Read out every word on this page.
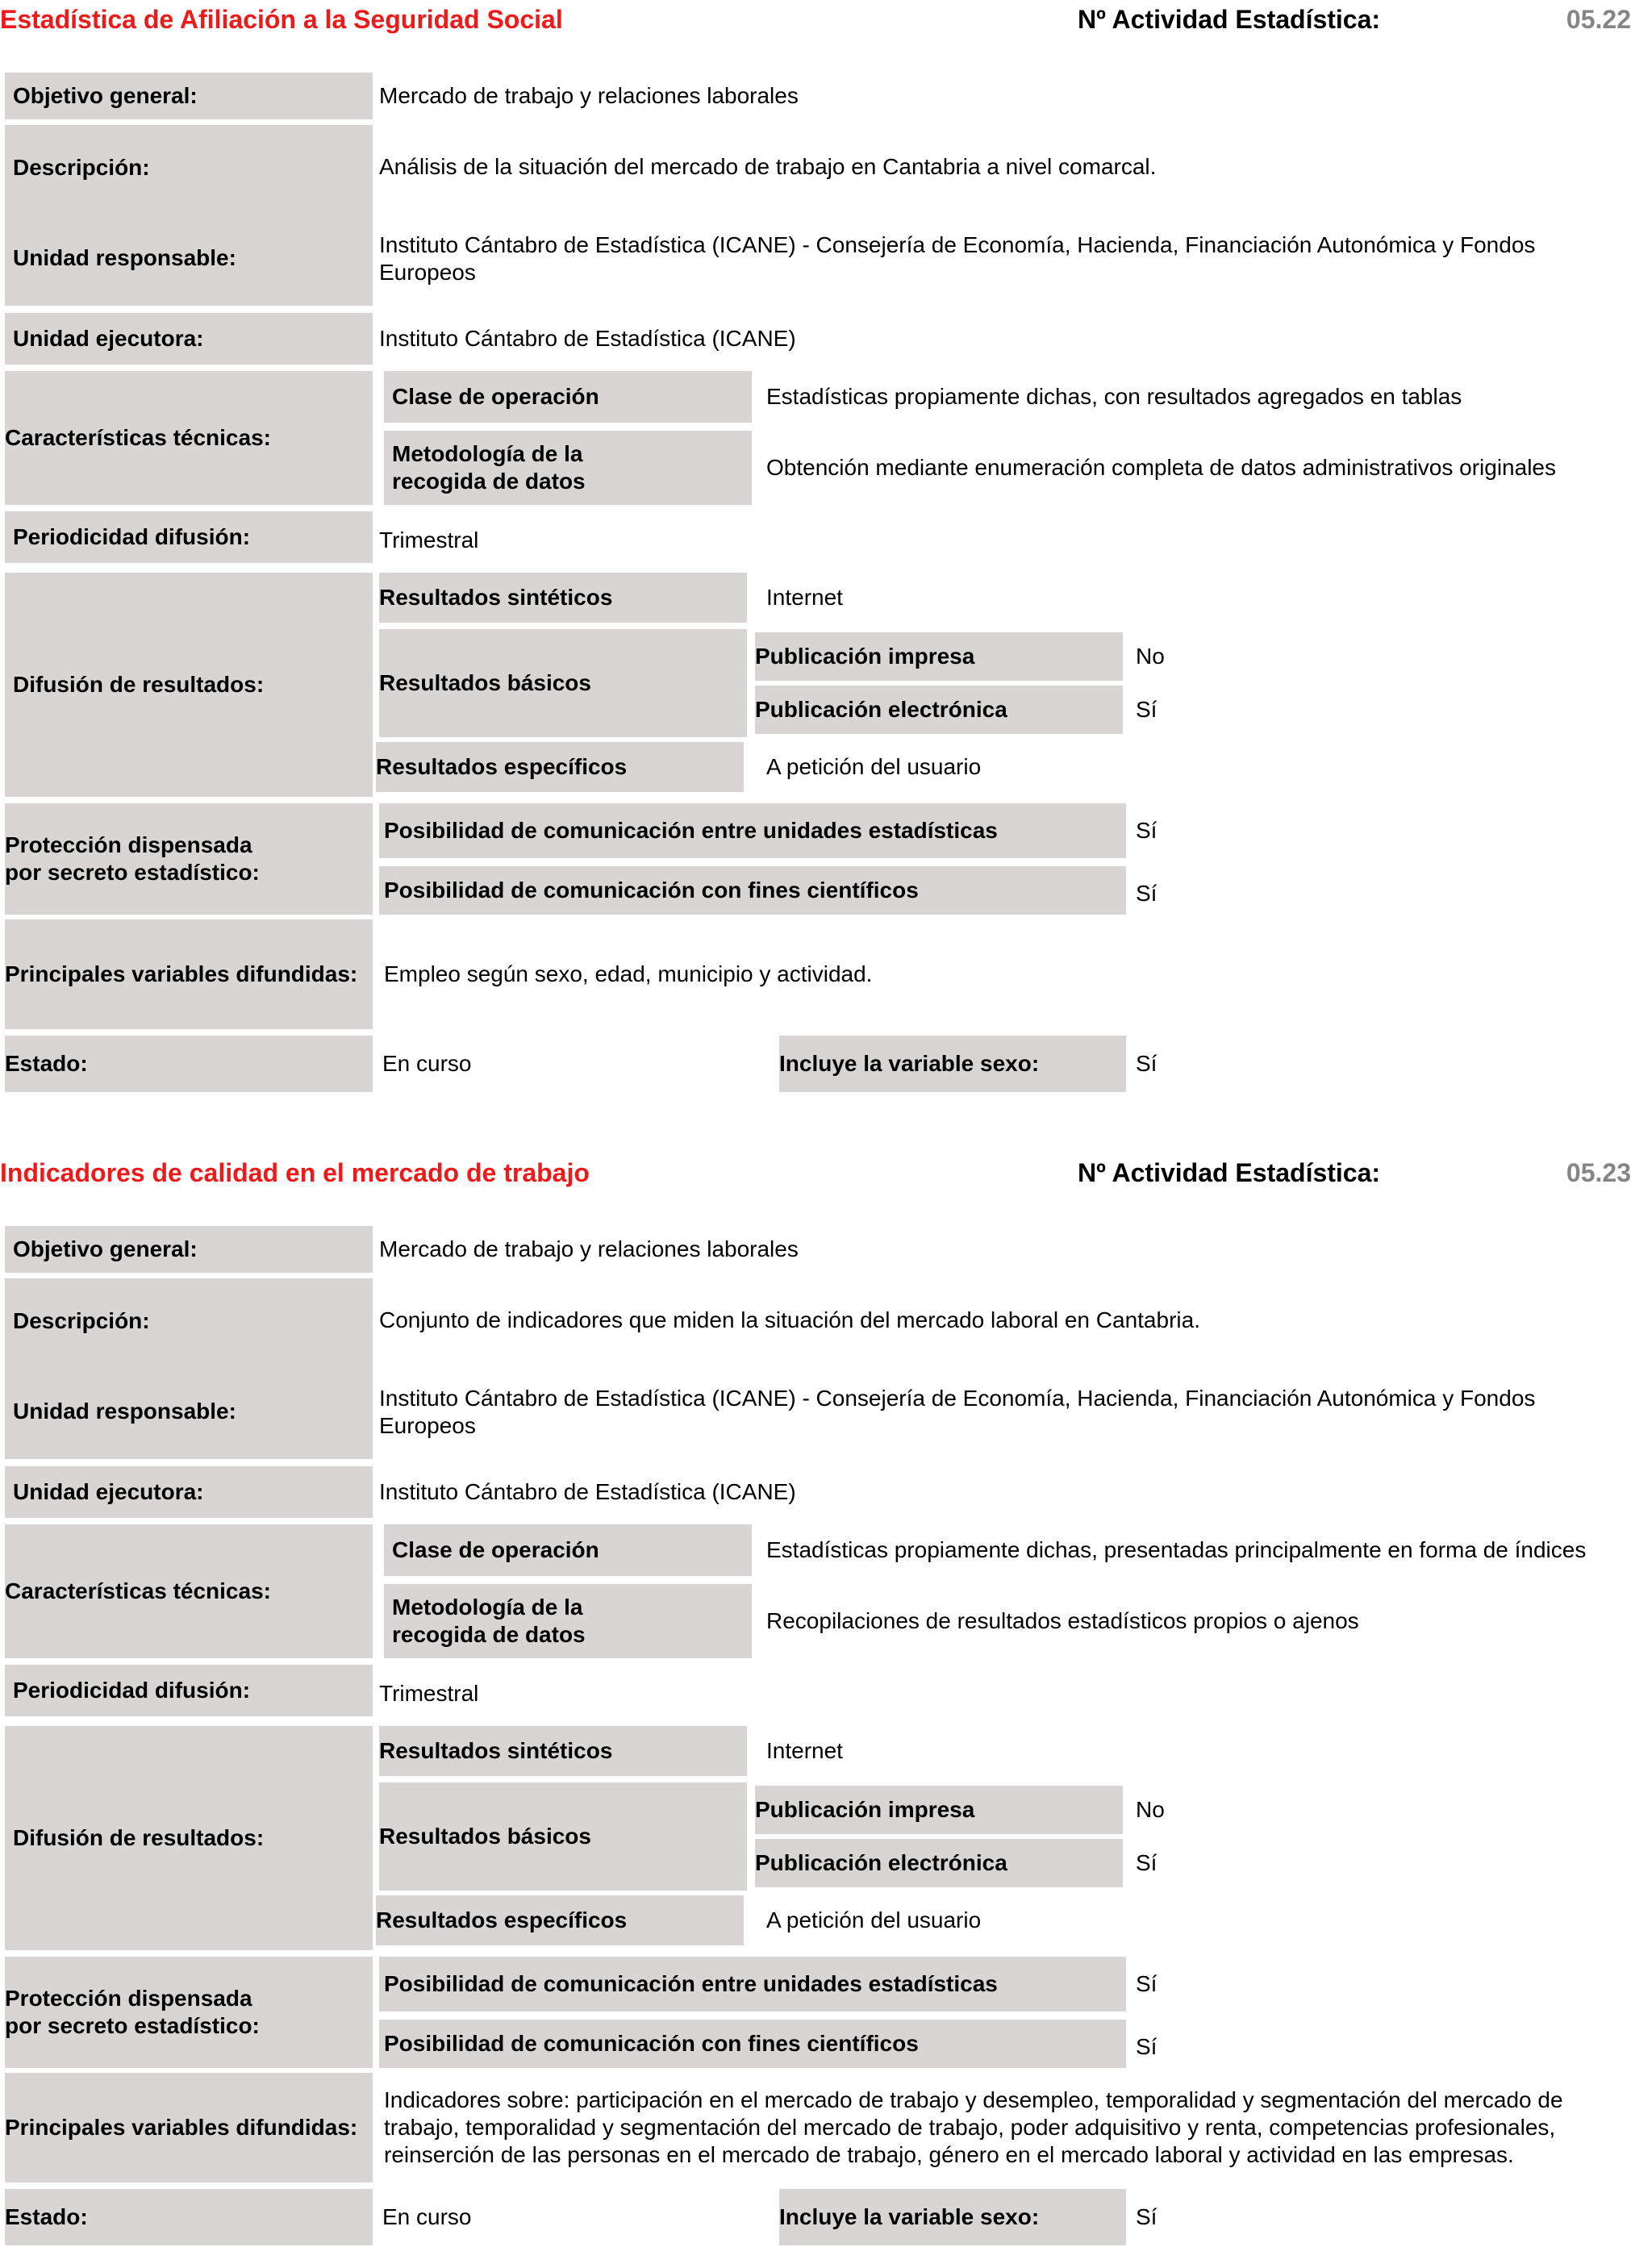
Estadística de Afiliación a la Seguridad Social	Nº Actividad Estadística:	05.22
Objetivo general:	Mercado de trabajo y relaciones laborales
Descripción:	Análisis de la situación del mercado de trabajo en Cantabria a nivel comarcal.
Unidad responsable:
Instituto Cántabro de Estadística (ICANE) - Consejería de Economía, Hacienda, Financiación Autonómica y Fondos Europeos
Unidad ejecutora:	Instituto Cántabro de Estadística (ICANE)
Características técnicas:
Clase de operación	Estadísticas propiamente dichas, con resultados agregados en tablas
Metodología de la recogida de datos
Obtención mediante enumeración completa de datos administrativos originales
Periodicidad difusión:	Trimestral
Difusión de resultados:
Resultados sintéticos	Internet
Resultados básicos
Publicación impresa	No
Publicación electrónica	Sí
Resultados específicos	A petición del usuario
Protección dispensada por secreto estadístico:
Posibilidad de comunicación entre unidades estadísticas	Sí
Posibilidad de comunicación con fines científicos	Sí
Principales variables difundidas:	Empleo según sexo, edad, municipio y actividad.
Estado:	En curso	Incluye la variable sexo:	Sí
Indicadores de calidad en el mercado de trabajo	Nº Actividad Estadística:	05.23
Objetivo general:	Mercado de trabajo y relaciones laborales
Descripción:	Conjunto de indicadores que miden la situación del mercado laboral en Cantabria.
Unidad responsable:
Instituto Cántabro de Estadística (ICANE) - Consejería de Economía, Hacienda, Financiación Autonómica y Fondos Europeos
Unidad ejecutora:	Instituto Cántabro de Estadística (ICANE)
Características técnicas:
Clase de operación	Estadísticas propiamente dichas, presentadas principalmente en forma de índices
Metodología de la recogida de datos
Recopilaciones de resultados estadísticos propios o ajenos
Periodicidad difusión:	Trimestral
Difusión de resultados:
Resultados sintéticos	Internet
Resultados básicos
Publicación impresa	No
Publicación electrónica	Sí
Resultados específicos	A petición del usuario
Protección dispensada por secreto estadístico:
Posibilidad de comunicación entre unidades estadísticas	Sí
Posibilidad de comunicación con fines científicos	Sí
Principales variables difundidas:
Indicadores sobre: participación en el mercado de trabajo y desempleo, temporalidad y segmentación del mercado de trabajo, temporalidad y segmentación del mercado de trabajo, poder adquisitivo y renta, competencias profesionales, reinserción de las personas en el mercado de trabajo, género en el mercado laboral y actividad en las empresas.
Estado:	En curso	Incluye la variable sexo:	Sí
